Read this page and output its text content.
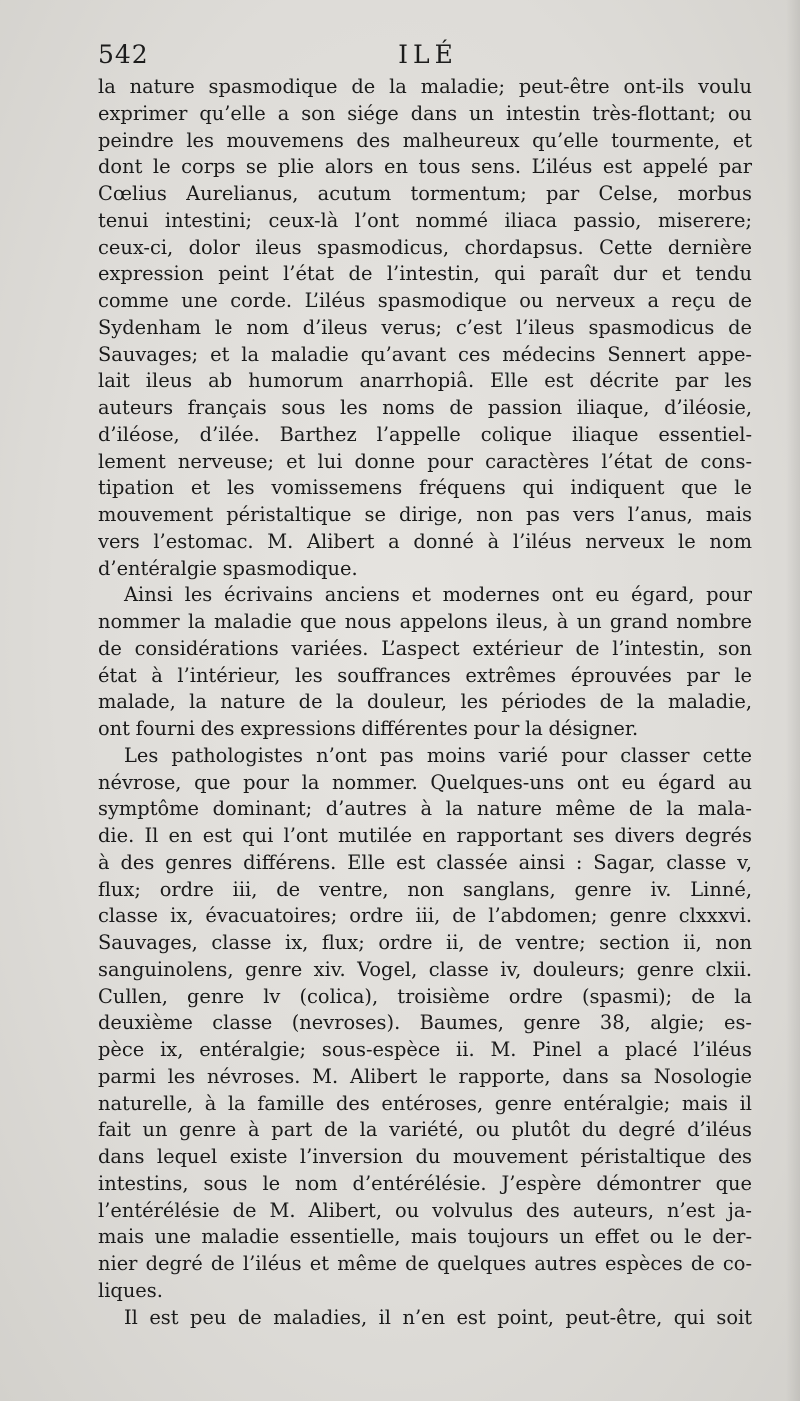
542	ILÉ
la nature spasmodique de la maladie; peut-être ont-ils voulu
exprimer qu’elle a son siége dans un intestin très-flottant; ou
peindre les mouvemens des malheureux qu’elle tourmente, et
dont le corps se plie alors en tous sens. L’iléus est appelé par
Cœlius Aurelianus, acutum tormentum; par Celse, morbus
tenui intestini; ceux-là l’ont nommé iliaca passio, miserere;
ceux-ci, dolor ileus spasmodicus, chordapsus. Cette dernière
expression peint l’état de l’intestin, qui paraît dur et tendu
comme une corde. L’iléus spasmodique ou nerveux a reçu de
Sydenham le nom d’ileus verus; c’est l’ileus spasmodicus de
Sauvages; et la maladie qu’avant ces médecins Sennert appe-
lait ileus ab humorum anarrhopiâ. Elle est décrite par les
auteurs français sous les noms de passion iliaque, d’iléosie,
d’iléose, d’ilée. Barthez l’appelle colique iliaque essentiel-
lement nerveuse; et lui donne pour caractères l’état de cons-
tipation et les vomissemens fréquens qui indiquent que le
mouvement péristaltique se dirige, non pas vers l’anus, mais
vers l’estomac. M. Alibert a donné à l’iléus nerveux le nom
d’entéralgie spasmodique.
Ainsi les écrivains anciens et modernes ont eu égard, pour
nommer la maladie que nous appelons ileus, à un grand nombre
de considérations variées. L’aspect extérieur de l’intestin, son
état à l’intérieur, les souffrances extrêmes éprouvées par le
malade, la nature de la douleur, les périodes de la maladie,
ont fourni des expressions différentes pour la désigner.
Les pathologistes n’ont pas moins varié pour classer cette
névrose, que pour la nommer. Quelques-uns ont eu égard au
symptôme dominant; d’autres à la nature même de la mala-
die. Il en est qui l’ont mutilée en rapportant ses divers degrés
à des genres différens. Elle est classée ainsi : Sagar, classe v,
flux; ordre iii, de ventre, non sanglans, genre iv. Linné,
classe ix, évacuatoires; ordre iii, de l’abdomen; genre clxxxvi.
Sauvages, classe ix, flux; ordre ii, de ventre; section ii, non
sanguinolens, genre xiv. Vogel, classe iv, douleurs; genre clxii.
Cullen, genre lv (colica), troisième ordre (spasmi); de la
deuxième classe (nevroses). Baumes, genre 38, algie; es-
pèce ix, entéralgie; sous-espèce ii. M. Pinel a placé l’iléus
parmi les névroses. M. Alibert le rapporte, dans sa Nosologie
naturelle, à la famille des entéroses, genre entéralgie; mais il
fait un genre à part de la variété, ou plutôt du degré d’iléus
dans lequel existe l’inversion du mouvement péristaltique des
intestins, sous le nom d’entérélésie. J’espère démontrer que
l’entérélésie de M. Alibert, ou volvulus des auteurs, n’est ja-
mais une maladie essentielle, mais toujours un effet ou le der-
nier degré de l’iléus et même de quelques autres espèces de co-
liques.
Il est peu de maladies, il n’en est point, peut-être, qui soit
